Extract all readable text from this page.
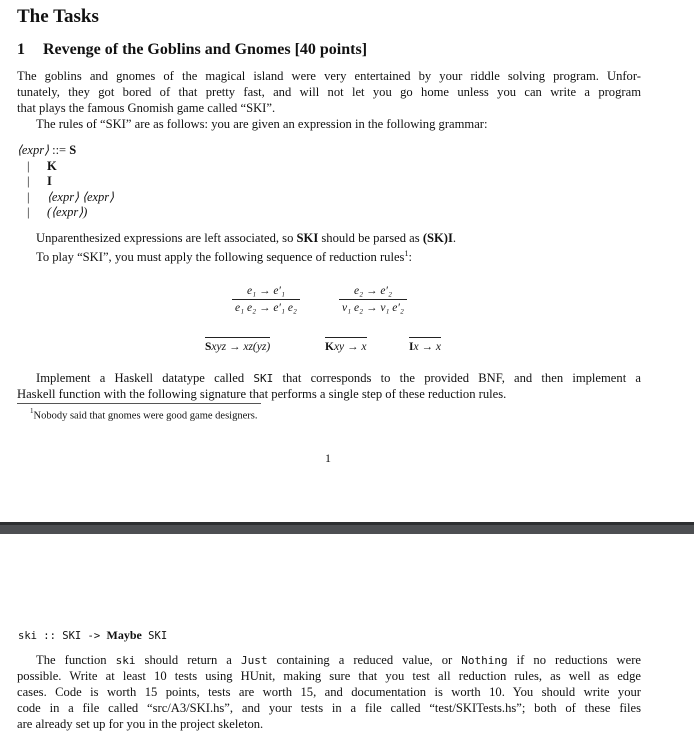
The Tasks
1 Revenge of the Goblins and Gnomes [40 points]
The goblins and gnomes of the magical island were very entertained by your riddle solving program. Unfor-
tunately, they got bored of that pretty fast, and will not let you go home unless you can write a program
that plays the famous Gnomish game called “SKI”.
The rules of “SKI” are as follows: you are given an expression in the following grammar:
⟨expr⟩ ::= S
| K
| I
| ⟨expr⟩ ⟨expr⟩
| (⟨expr⟩)
Unparenthesized expressions are left associated, so SKI should be parsed as (SK)I.
To play “SKI”, you must apply the following sequence of reduction rules$^1$:
e₁ → e′₁
e₁ e₂ → e′₁ e₂
e₂ → e′₂
v₁ e₂ → v₁ e′₂
Sxyz → xz(yz)	Kxy → x	Ix → x
Implement a Haskell datatype called SKI that corresponds to the provided BNF, and then implement a
Haskell function with the following signature that performs a single step of these reduction rules.
$^1$Nobody said that gnomes were good game designers.
1
ski :: SKI -> Maybe SKI
The function ski should return a Just containing a reduced value, or Nothing if no reductions were
possible. Write at least 10 tests using HUnit, making sure that you test all reduction rules, as well as edge
cases. Code is worth 15 points, tests are worth 15, and documentation is worth 10. You should write your
code in a file called “src/A3/SKI.hs”, and your tests in a file called “test/SKITests.hs”; both of these files
are already set up for you in the project skeleton.
